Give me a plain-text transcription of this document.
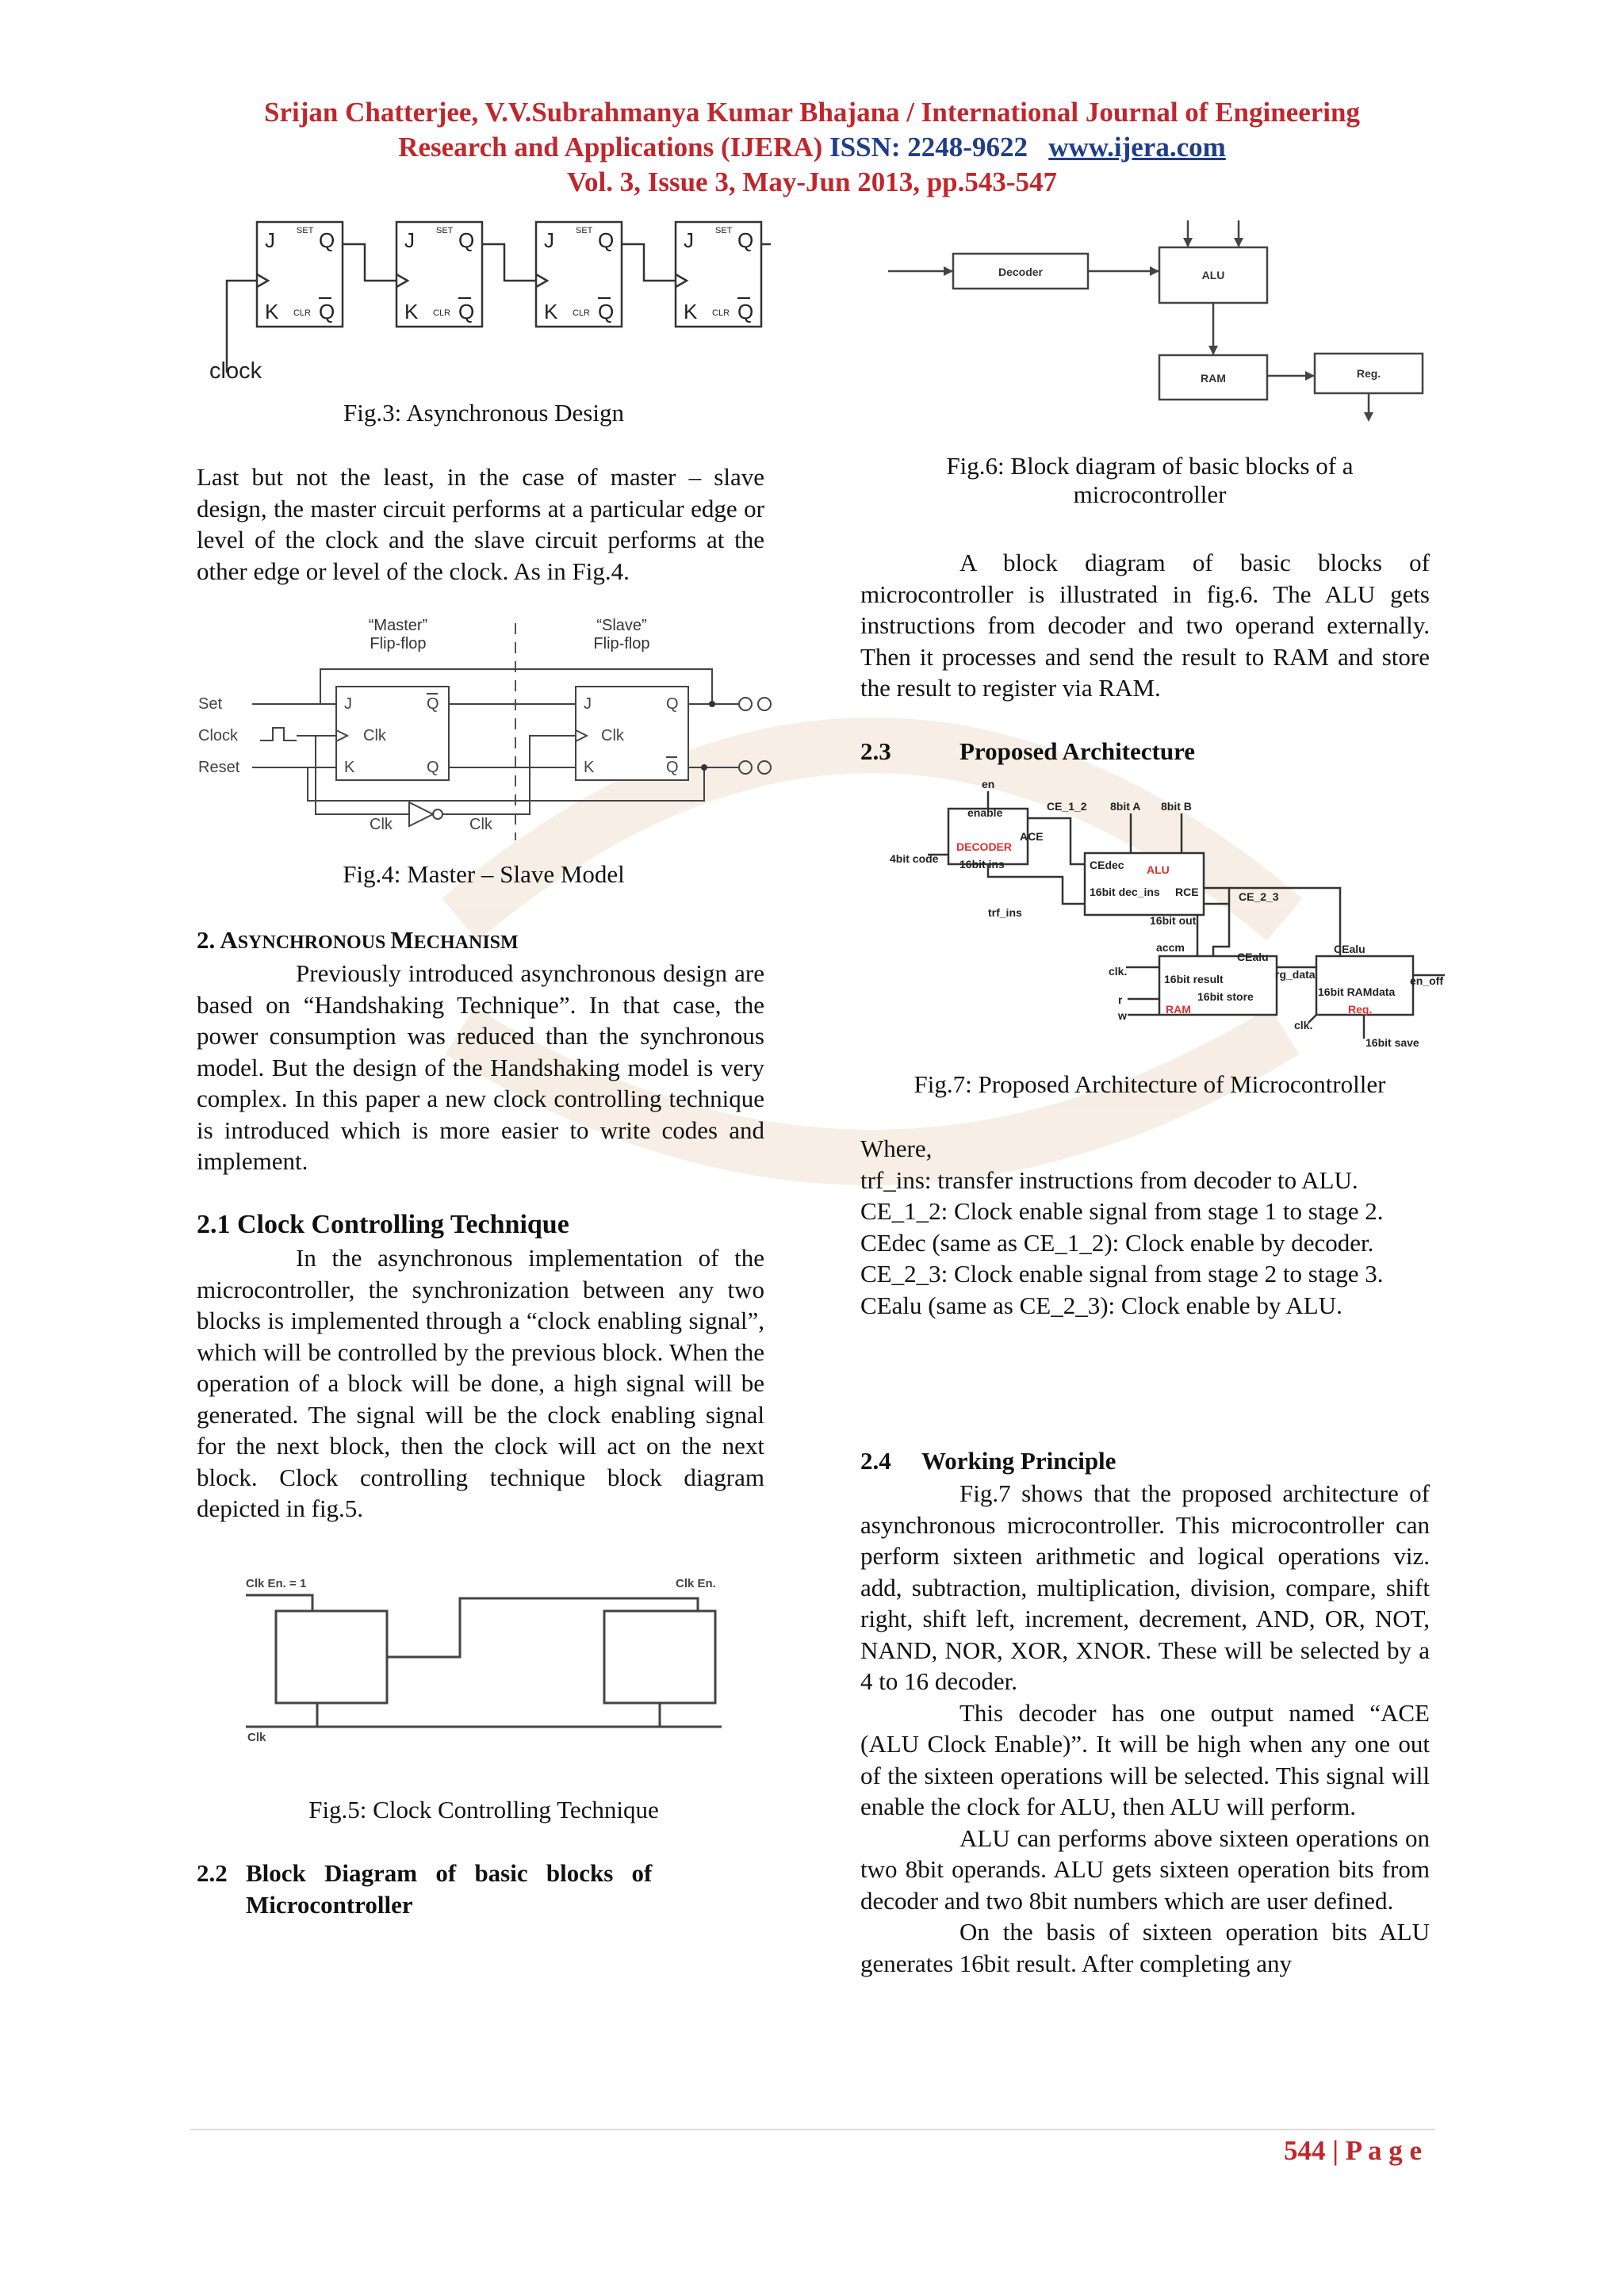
Srijan Chatterjee, V.V.Subrahmanya Kumar Bhajana / International Journal of Engineering
Research and Applications (IJERA) ISSN: 2248-9622 www.ijera.com
Vol. 3, Issue 3, May-Jun 2013, pp.543-547
J	J	J	J
Q	Q	Q	Q
K	K	K	K
Q	Q	Q	Q
SET	SET	SET	SET
CLR	CLR	CLR	CLR
clock
Fig.3: Asynchronous Design
Last but not the least, in the case of master – slave design, the master circuit performs at a particular edge or level of the clock and the slave circuit performs at the other edge or level of the clock. As in Fig.4.
“Master”
Flip-flop
“Slave”
Flip-flop
Set
Clock
Reset
J
Clk
K
Q
Q
J
Clk
K
Q
Q
Clk	Clk
Fig.4: Master – Slave Model
2. ASYNCHRONOUS MECHANISM
Previously introduced asynchronous design are based on “Handshaking Technique”. In that case, the power consumption was reduced than the synchronous model. But the design of the Handshaking model is very complex. In this paper a new clock controlling technique is introduced which is more easier to write codes and implement.
2.1 Clock Controlling Technique
In the asynchronous implementation of the microcontroller, the synchronization between any two blocks is implemented through a “clock enabling signal”, which will be controlled by the previous block. When the operation of a block will be done, a high signal will be generated. The signal will be the clock enabling signal for the next block, then the clock will act on the next block. Clock controlling technique block diagram depicted in fig.5.
Clk En. = 1	Clk En.
Clk
Fig.5: Clock Controlling Technique
2.2 Block   Diagram   of   basic   blocks   of
Microcontroller
Decoder	ALU
RAM	Reg.
Fig.6: Block diagram of basic blocks of a
microcontroller
A block diagram of basic blocks of microcontroller is illustrated in fig.6. The ALU gets instructions from decoder and two operand externally. Then it processes and send the result to RAM and store the result to register via RAM.
2.3	Proposed Architecture
en
enable	CE_1_2
ACE
DECODER
16bit ins
4bit code
trf_ins
8bit A 8bit B
CEdec ALU
16bit dec_ins RCE	CE_2_3
16bit out
accm
CEalu
CEalu
rg_data
clk.
16bit result
16bit store
r
w	RAM
16bit RAMdata
Reg.
en_off
clk.
16bit save
Fig.7: Proposed Architecture of Microcontroller
Where,
trf_ins: transfer instructions from decoder to ALU.
CE_1_2: Clock enable signal from stage 1 to stage 2.
CEdec (same as CE_1_2): Clock enable by decoder.
CE_2_3: Clock enable signal from stage 2 to stage 3.
CEalu (same as CE_2_3): Clock enable by ALU.
2.4 Working Principle

Fig.7 shows that the proposed architecture of asynchronous microcontroller. This microcontroller can perform sixteen arithmetic and logical operations viz. add, subtraction, multiplication, division, compare, shift right, shift left, increment, decrement, AND, OR, NOT, NAND, NOR, XOR, XNOR. These will be selected by a 4 to 16 decoder.

This decoder has one output named “ACE (ALU Clock Enable)”. It will be high when any one out of the sixteen operations will be selected. This signal will enable the clock for ALU, then ALU will perform.

ALU can performs above sixteen operations on two 8bit operands. ALU gets sixteen operation bits from decoder and two 8bit numbers which are user defined.

On the basis of sixteen operation bits ALU generates 16bit result. After completing any

544 | P a g e
